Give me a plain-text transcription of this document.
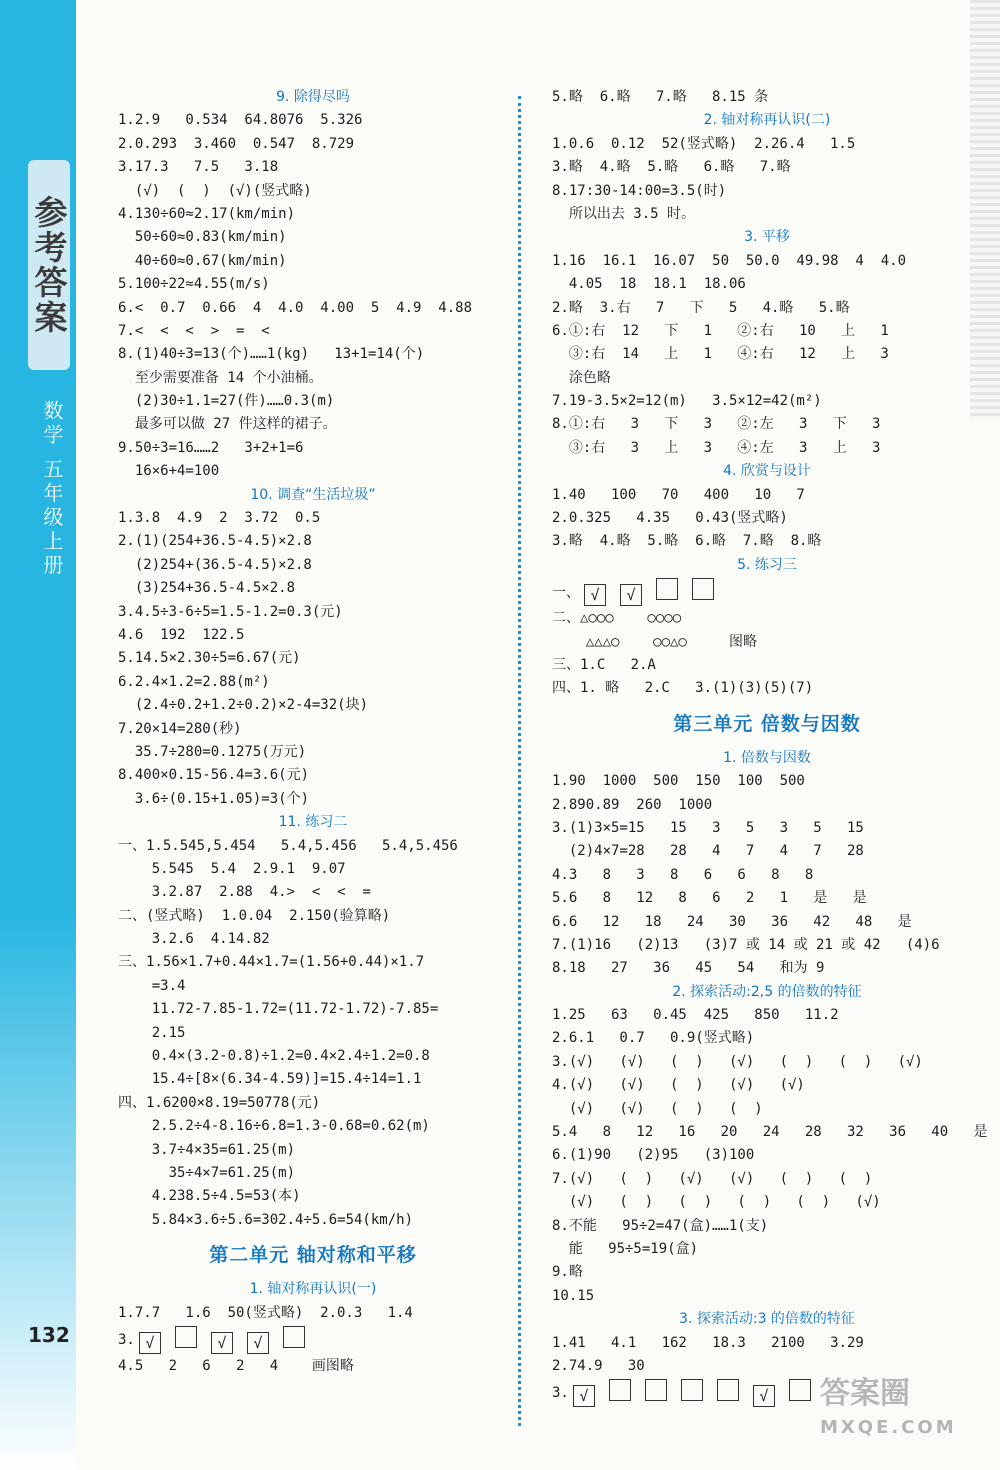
参考答案
数学 五年级上册
132
9. 除得尽吗
1.2.9   0.534  64.8076  5.326
2.0.293  3.460  0.547  8.729
3.17.3   7.5   3.18
(√)  (  )  (√)(竖式略)
4.130÷60≈2.17(km/min)
50÷60≈0.83(km/min)
40÷60≈0.67(km/min)
5.100÷22≈4.55(m/s)
6.<  0.7  0.66  4  4.0  4.00  5  4.9  4.88
7.<  <  <  >  =  <
8.(1)40÷3=13(个)……1(kg)   13+1=14(个)
至少需要准备 14 个小油桶。
(2)30÷1.1=27(件)……0.3(m)
最多可以做 27 件这样的裙子。
9.50÷3=16……2   3+2+1=6
16×6+4=100
10. 调查“生活垃圾”
1.3.8  4.9  2  3.72  0.5
2.(1)(254+36.5-4.5)×2.8
(2)254+(36.5-4.5)×2.8
(3)254+36.5-4.5×2.8
3.4.5÷3-6÷5=1.5-1.2=0.3(元)
4.6  192  122.5
5.14.5×2.30÷5=6.67(元)
6.2.4×1.2=2.88(m²)
(2.4÷0.2+1.2÷0.2)×2-4=32(块)
7.20×14=280(秒)
35.7÷280=0.1275(万元)
8.400×0.15-56.4=3.6(元)
3.6÷(0.15+1.05)=3(个)
11. 练习二
一、1.5.545,5.454   5.4,5.456   5.4,5.456
5.545  5.4  2.9.1  9.07
3.2.87  2.88  4.>  <  <  =
二、(竖式略)  1.0.04  2.150(验算略)
3.2.6  4.14.82
三、1.56×1.7+0.44×1.7=(1.56+0.44)×1.7
=3.4
11.72-7.85-1.72=(11.72-1.72)-7.85=
2.15
0.4×(3.2-0.8)÷1.2=0.4×2.4÷1.2=0.8
15.4÷[8×(6.34-4.59)]=15.4÷14=1.1
四、1.6200×8.19=50778(元)
2.5.2÷4-8.16÷6.8=1.3-0.68=0.62(m)
3.7÷4×35=61.25(m)
35÷4×7=61.25(m)
4.238.5÷4.5=53(本)
5.84×3.6÷5.6=302.4÷5.6=54(km/h)
第二单元 轴对称和平移
1. 轴对称再认识(一)
1.7.7   1.6  50(竖式略)  2.0.3   1.4
3. √	√ √
4.5   2   6   2   4    画图略
5.略  6.略   7.略   8.15 条
2. 轴对称再认识(二)
1.0.6  0.12  52(竖式略)  2.26.4   1.5
3.略  4.略  5.略   6.略   7.略
8.17:30-14:00=3.5(时)
所以出去 3.5 时。
3. 平移
1.16  16.1  16.07  50  50.0  49.98  4  4.0
4.05  18  18.1  18.06
2.略  3.右   7   下   5   4.略   5.略
6.①:右  12   下   1   ②:右   10   上   1
③:右  14   上   1   ④:右   12   上   3
涂色略
7.19-3.5×2=12(m)   3.5×12=42(m²)
8.①:右   3   下   3   ②:左   3   下   3
③:右   3   上   3   ④:左   3   上   3
4. 欣赏与设计
1.40   100   70   400   10   7
2.0.325   4.35   0.43(竖式略)
3.略  4.略  5.略  6.略  7.略  8.略
5. 练习三
一、 √ √
二、△○○○    ○○○○
△△△○    ○○△○     图略
三、1.C   2.A
四、1. 略   2.C   3.(1)(3)(5)(7)
第三单元 倍数与因数
1. 倍数与因数
1.90  1000  500  150  100  500
2.890.89  260  1000
3.(1)3×5=15   15   3   5   3   5   15
(2)4×7=28   28   4   7   4   7   28
4.3   8   3   8   6   6   8   8
5.6   8   12   8   6   2   1   是   是
6.6   12   18   24   30   36   42   48   是
7.(1)16   (2)13   (3)7 或 14 或 21 或 42   (4)6
8.18   27   36   45   54   和为 9
2. 探索活动:2,5 的倍数的特征
1.25   63   0.45  425   850   11.2
2.6.1   0.7   0.9(竖式略)
3.(√)   (√)   (  )   (√)   (  )   (  )   (√)
4.(√)   (√)   (  )   (√)   (√)
(√)   (√)   (  )   (  )
5.4   8   12   16   20   24   28   32   36   40   是
6.(1)90   (2)95   (3)100
7.(√)   (  )   (√)   (√)   (  )   (  )
(√)   (  )   (  )   (  )   (  )   (√)
8.不能   95÷2=47(盒)……1(支)
能   95÷5=19(盒)
9.略
10.15
3. 探索活动:3 的倍数的特征
1.41   4.1   162   18.3   2100   3.29
2.74.9   30
3. √	√	答案圈
MXQE.COM
